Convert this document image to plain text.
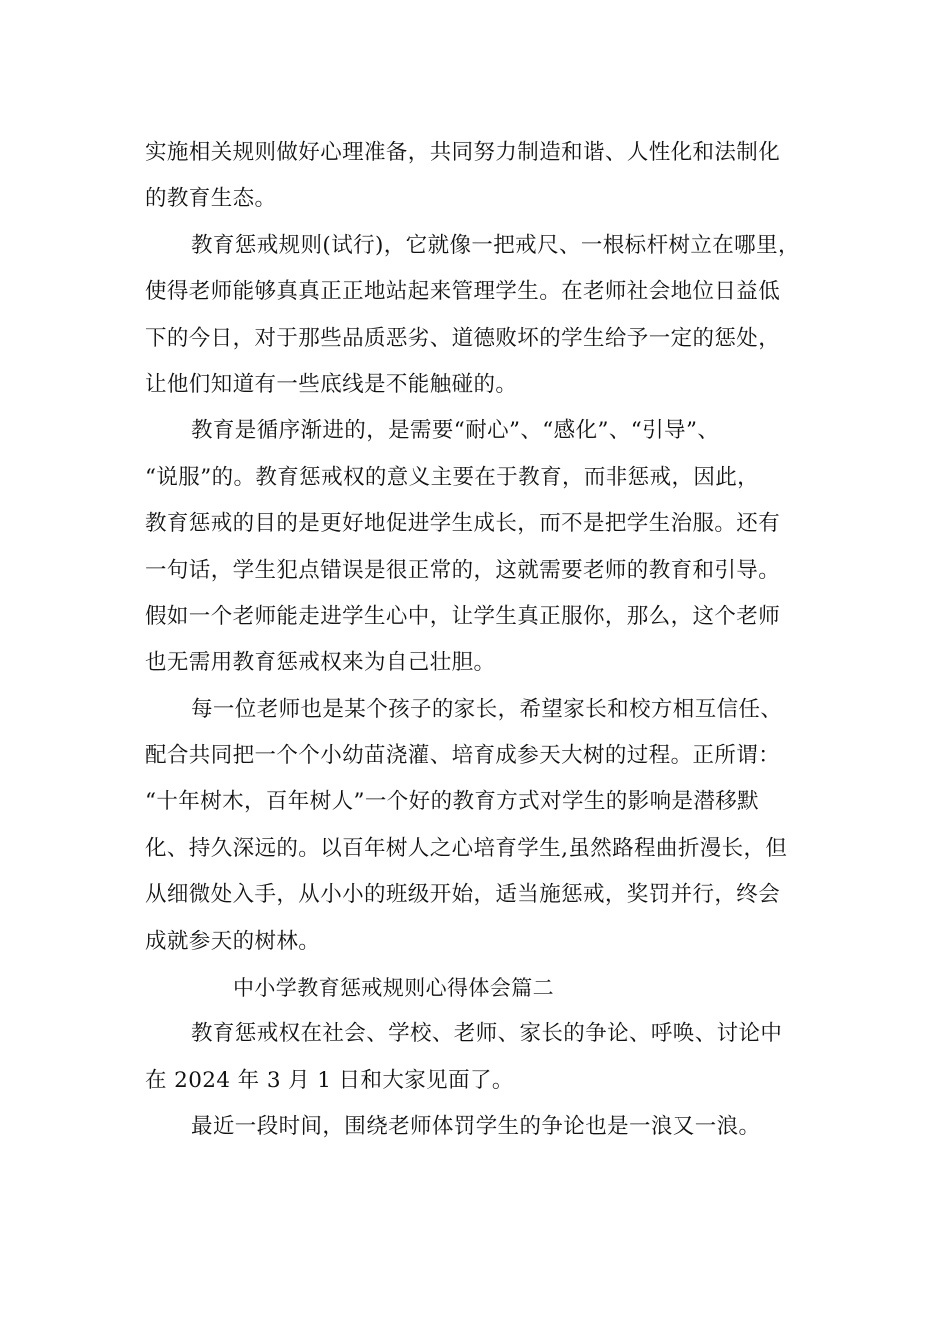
实施相关规则做好心理准备，共同努力制造和谐、人性化和法制化
的教育生态。
教育惩戒规则(试行)，它就像一把戒尺、一根标杆树立在哪里，
使得老师能够真真正正地站起来管理学生。在老师社会地位日益低
下的今日，对于那些品质恶劣、道德败坏的学生给予一定的惩处，
让他们知道有一些底线是不能触碰的。
教育是循序渐进的，是需要“耐心”、“感化”、“引导”、
“说服”的。教育惩戒权的意义主要在于教育，而非惩戒，因此，
教育惩戒的目的是更好地促进学生成长，而不是把学生治服。还有
一句话，学生犯点错误是很正常的，这就需要老师的教育和引导。
假如一个老师能走进学生心中，让学生真正服你，那么，这个老师
也无需用教育惩戒权来为自己壮胆。
每一位老师也是某个孩子的家长，希望家长和校方相互信任、
配合共同把一个个小幼苗浇灌、培育成参天大树的过程。正所谓：
“十年树木，百年树人”一个好的教育方式对学生的影响是潜移默
化、持久深远的。以百年树人之心培育学生,虽然路程曲折漫长，但
从细微处入手，从小小的班级开始，适当施惩戒，奖罚并行，终会
成就参天的树林。
中小学教育惩戒规则心得体会篇二
教育惩戒权在社会、学校、老师、家长的争论、呼唤、讨论中
在 2024 年 3 月 1 日和大家见面了。
最近一段时间，围绕老师体罚学生的争论也是一浪又一浪。
